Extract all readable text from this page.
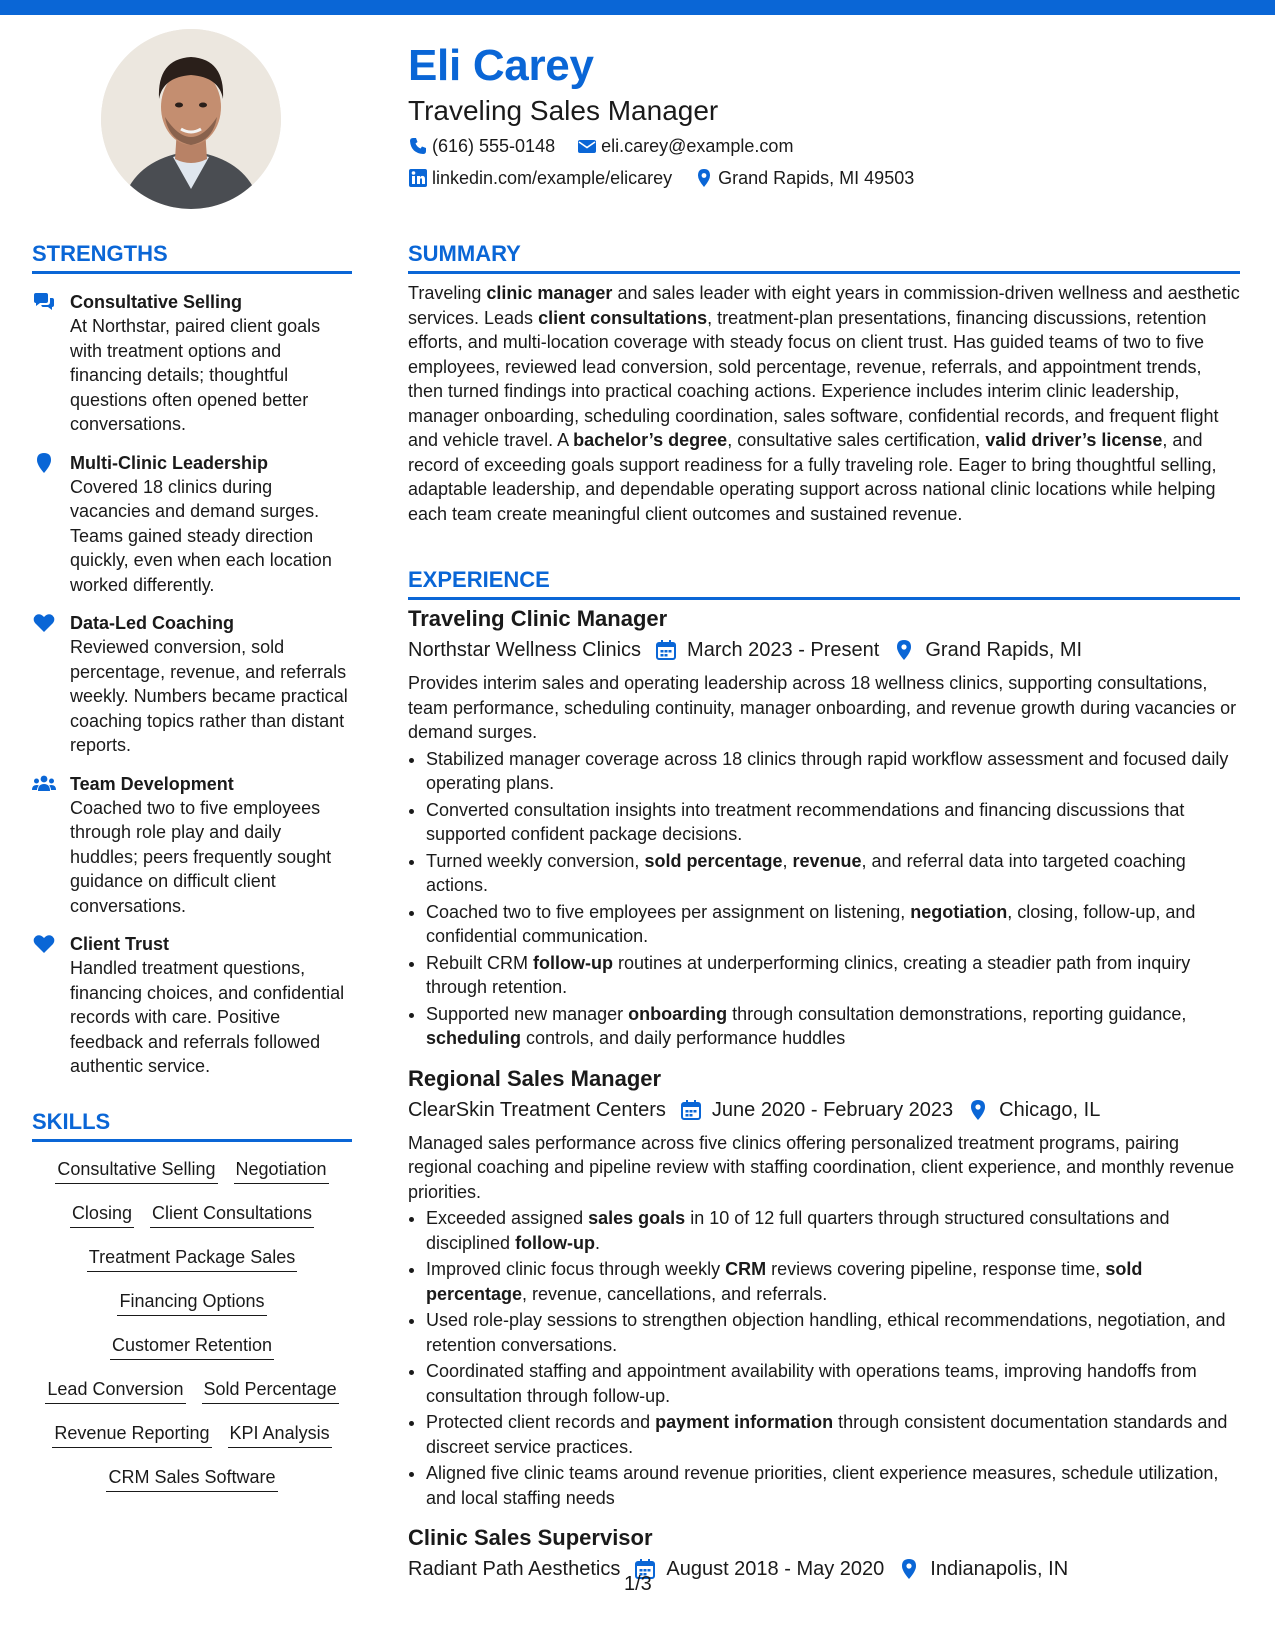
Eli Carey
Traveling Sales Manager
(616) 555-0148	eli.carey@example.com
linkedin.com/example/elicarey	Grand Rapids, MI 49503
STRENGTHS
Consultative Selling
At Northstar, paired client goals with treatment options and financing details; thoughtful questions often opened better conversations.
Multi-Clinic Leadership
Covered 18 clinics during vacancies and demand surges. Teams gained steady direction quickly, even when each location worked differently.
Data-Led Coaching
Reviewed conversion, sold percentage, revenue, and referrals weekly. Numbers became practical coaching topics rather than distant reports.
Team Development
Coached two to five employees through role play and daily huddles; peers frequently sought guidance on difficult client conversations.
Client Trust
Handled treatment questions, financing choices, and confidential records with care. Positive feedback and referrals followed authentic service.
SKILLS
Consultative Selling Negotiation
Closing Client Consultations
Treatment Package Sales
Financing Options
Customer Retention
Lead Conversion Sold Percentage
Revenue Reporting KPI Analysis
CRM Sales Software
SUMMARY
Traveling clinic manager and sales leader with eight years in commission-driven wellness and aesthetic services. Leads client consultations, treatment-plan presentations, financing discussions, retention efforts, and multi-location coverage with steady focus on client trust. Has guided teams of two to five employees, reviewed lead conversion, sold percentage, revenue, referrals, and appointment trends, then turned findings into practical coaching actions. Experience includes interim clinic leadership, manager onboarding, scheduling coordination, sales software, confidential records, and frequent flight and vehicle travel. A bachelor’s degree, consultative sales certification, valid driver’s license, and record of exceeding goals support readiness for a fully traveling role. Eager to bring thoughtful selling, adaptable leadership, and dependable operating support across national clinic locations while helping each team create meaningful client outcomes and sustained revenue.
EXPERIENCE
Traveling Clinic Manager
Northstar Wellness Clinics March 2023 - Present Grand Rapids, MI
Provides interim sales and operating leadership across 18 wellness clinics, supporting consultations, team performance, scheduling continuity, manager onboarding, and revenue growth during vacancies or demand surges.
• Stabilized manager coverage across 18 clinics through rapid workflow assessment and focused daily operating plans.
• Converted consultation insights into treatment recommendations and financing discussions that supported confident package decisions.
• Turned weekly conversion, sold percentage, revenue, and referral data into targeted coaching actions.
• Coached two to five employees per assignment on listening, negotiation, closing, follow-up, and confidential communication.
• Rebuilt CRM follow-up routines at underperforming clinics, creating a steadier path from inquiry through retention.
• Supported new manager onboarding through consultation demonstrations, reporting guidance, scheduling controls, and daily performance huddles
Regional Sales Manager
ClearSkin Treatment Centers June 2020 - February 2023 Chicago, IL
Managed sales performance across five clinics offering personalized treatment programs, pairing regional coaching and pipeline review with staffing coordination, client experience, and monthly revenue priorities.
• Exceeded assigned sales goals in 10 of 12 full quarters through structured consultations and disciplined follow-up.
• Improved clinic focus through weekly CRM reviews covering pipeline, response time, sold percentage, revenue, cancellations, and referrals.
• Used role-play sessions to strengthen objection handling, ethical recommendations, negotiation, and retention conversations.
• Coordinated staffing and appointment availability with operations teams, improving handoffs from consultation through follow-up.
• Protected client records and payment information through consistent documentation standards and discreet service practices.
• Aligned five clinic teams around revenue priorities, client experience measures, schedule utilization, and local staffing needs
Clinic Sales Supervisor
Radiant Path Aesthetics August 2018 - May 2020 Indianapolis, IN
1/3
